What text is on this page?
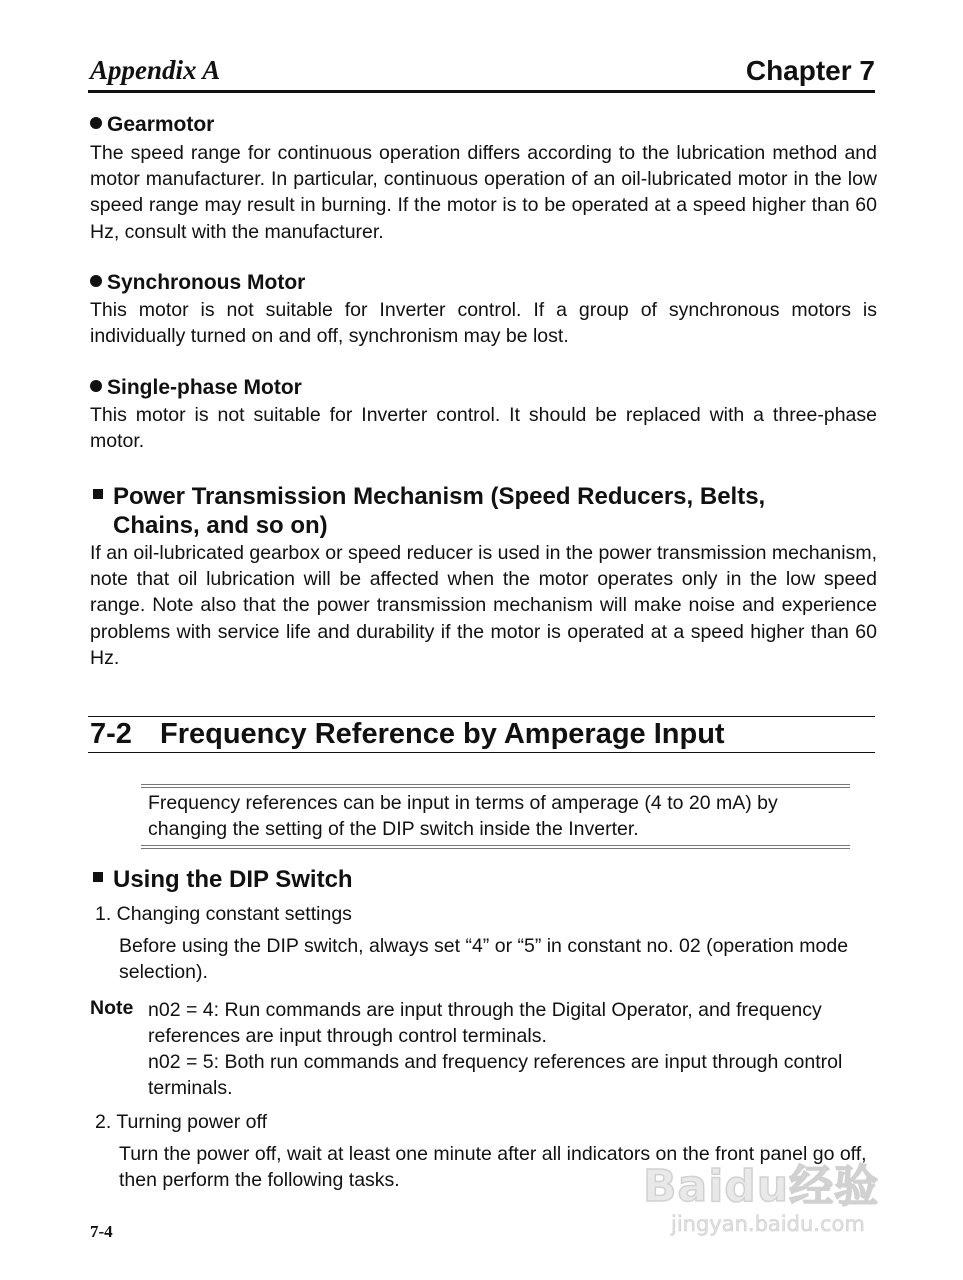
Appendix A	Chapter 7
Gearmotor
The speed range for continuous operation differs according to the lubrication method and motor manufacturer. In particular, continuous operation of an oil-lubricated motor in the low speed range may result in burning. If the motor is to be operated at a speed higher than 60 Hz, consult with the manufacturer.
Synchronous Motor
This motor is not suitable for Inverter control. If a group of synchronous motors is individually turned on and off, synchronism may be lost.
Single-phase Motor
This motor is not suitable for Inverter control. It should be replaced with a three-phase motor.
Power Transmission Mechanism (Speed Reducers, Belts,
Chains, and so on)
If an oil-lubricated gearbox or speed reducer is used in the power transmission mechanism, note that oil lubrication will be affected when the motor operates only in the low speed range. Note also that the power transmission mechanism will make noise and experience problems with service life and durability if the motor is operated at a speed higher than 60 Hz.
7-2 Frequency Reference by Amperage Input
Frequency references can be input in terms of amperage (4 to 20 mA) by changing the setting of the DIP switch inside the Inverter.
Using the DIP Switch
1. Changing constant settings
Before using the DIP switch, always set “4” or “5” in constant no. 02 (operation mode selection).
Note n02 = 4: Run commands are input through the Digital Operator, and frequency references are input through control terminals.
n02 = 5: Both run commands and frequency references are input through control terminals.
2. Turning power off
Turn the power off, wait at least one minute after all indicators on the front panel go off, then perform the following tasks.
7-4
Baidu经验
jingyan.baidu.com
